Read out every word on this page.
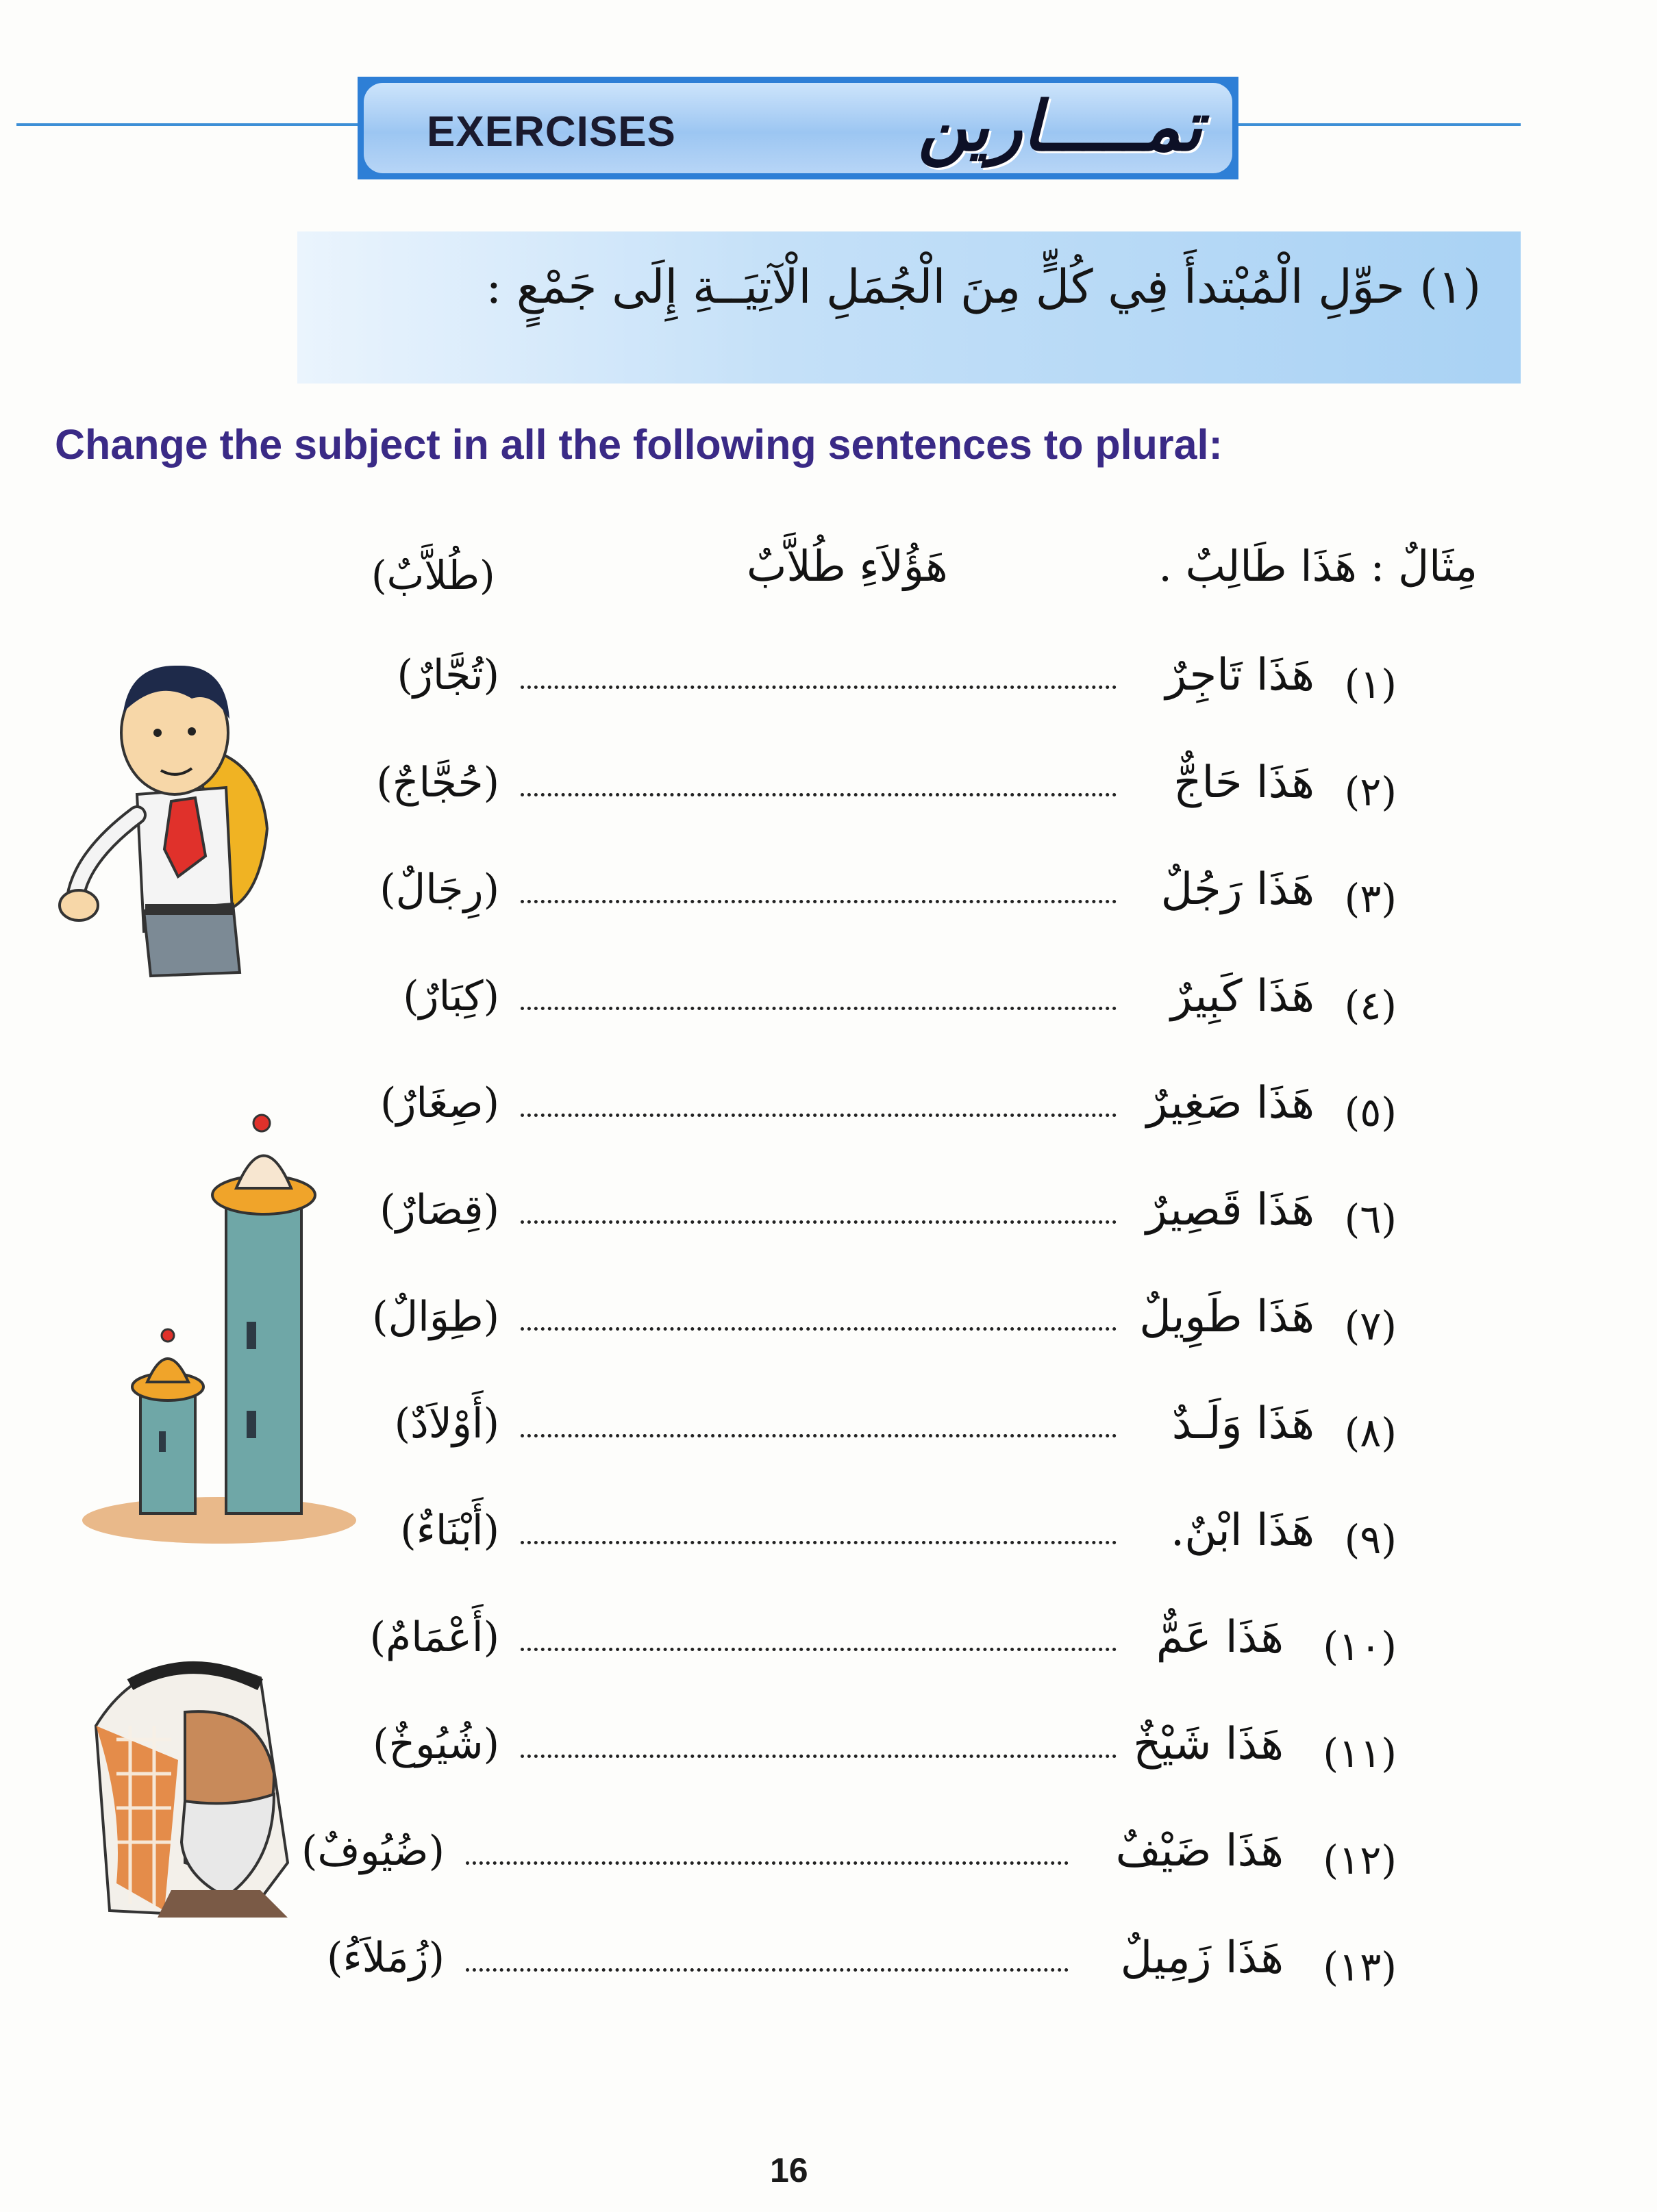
EXERCISES	تمـــــارين
(١) حوِّلِ الْمُبْتدأَ فِي كُلٍّ مِنَ الْجُمَلِ الْآتِيَــةِ إِلَى جَمْعٍ :
Change the subject in all the following sentences to plural:
مِثَالٌ : هَذَا طَالِبٌ .
هَؤُلاَءِ طُلاَّبٌ
(طُلاَّبٌ)
(١)
هَذَا تَاجِرٌ
(تُجَّارٌ)
(٢)
هَذَا حَاجٌّ
(حُجَّاجٌ)
(٣)
هَذَا رَجُلٌ
(رِجَالٌ)
(٤)
هَذَا كَبِيرٌ
(كِبَارٌ)
(٥)
هَذَا صَغِيرٌ
(صِغَارٌ)
(٦)
هَذَا قَصِيرٌ
(قِصَارٌ)
(٧)
هَذَا طَوِيلٌ
(طِوَالٌ)
(٨)
هَذَا وَلَـدٌ
(أَوْلاَدٌ)
(٩)
هَذَا ابْنٌ.
(أَبْنَاءٌ)
(١٠)
هَذَا عَمٌّ
(أَعْمَامٌ)
(١١)
هَذَا شَيْخٌ
(شُيُوخٌ)
(١٢)
هَذَا ضَيْفٌ
(ضُيُوفٌ)
(١٣)
هَذَا زَمِيلٌ
(زُمَلاَءُ)
16
